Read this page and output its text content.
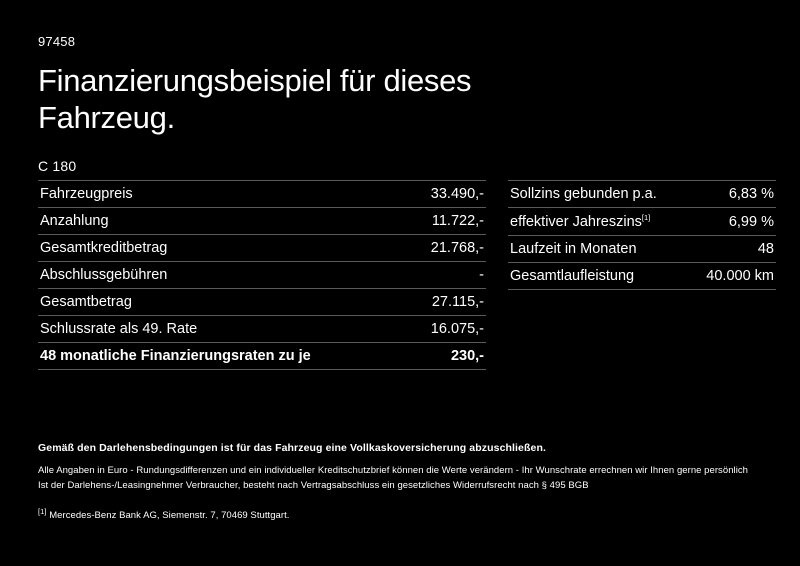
97458
Finanzierungsbeispiel für dieses Fahrzeug.
C 180
Fahrzeugpreis	33.490,-
Anzahlung	11.722,-
Gesamtkreditbetrag	21.768,-
Abschlussgebühren	-
Gesamtbetrag	27.115,-
Schlussrate als 49. Rate	16.075,-
48 monatliche Finanzierungsraten zu je	230,-
Sollzins gebunden p.a.	6,83 %
effektiver Jahreszins[1]	6,99 %
Laufzeit in Monaten	48
Gesamtlaufleistung	40.000 km

Gemäß den Darlehensbedingungen ist für das Fahrzeug eine Vollkaskoversicherung abzuschließen.

Alle Angaben in Euro - Rundungsdifferenzen und ein individueller Kreditschutzbrief können die Werte verändern - Ihr Wunschrate errechnen wir Ihnen gerne persönlich

Ist der Darlehens-/Leasingnehmer Verbraucher, besteht nach Vertragsabschluss ein gesetzliches Widerrufsrecht nach § 495 BGB

[1] Mercedes-Benz Bank AG, Siemenstr. 7, 70469 Stuttgart.
